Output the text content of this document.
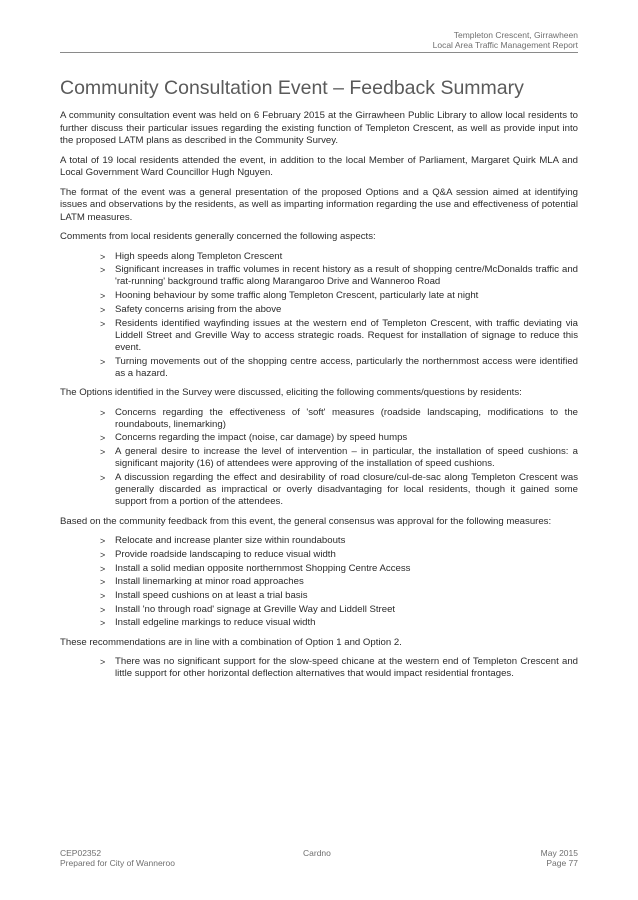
Templeton Crescent, Girrawheen
Local Area Traffic Management Report
Community Consultation Event – Feedback Summary

A community consultation event was held on 6 February 2015 at the Girrawheen Public Library to allow local residents to further discuss their particular issues regarding the existing function of Templeton Crescent, as well as provide input into the proposed LATM plans as described in the Community Survey.

A total of 19 local residents attended the event, in addition to the local Member of Parliament, Margaret Quirk MLA and Local Government Ward Councillor Hugh Nguyen.

The format of the event was a general presentation of the proposed Options and a Q&A session aimed at identifying issues and observations by the residents, as well as imparting information regarding the use and effectiveness of potential LATM measures.

Comments from local residents generally concerned the following aspects:

> High speeds along Templeton Crescent
> Significant increases in traffic volumes in recent history as a result of shopping centre/McDonalds traffic and 'rat-running' background traffic along Marangaroo Drive and Wanneroo Road
> Hooning behaviour by some traffic along Templeton Crescent, particularly late at night
> Safety concerns arising from the above
> Residents identified wayfinding issues at the western end of Templeton Crescent, with traffic deviating via Liddell Street and Greville Way to access strategic roads. Request for installation of signage to reduce this event.
> Turning movements out of the shopping centre access, particularly the northernmost access were identified as a hazard.

The Options identified in the Survey were discussed, eliciting the following comments/questions by residents:

> Concerns regarding the effectiveness of 'soft' measures (roadside landscaping, modifications to the roundabouts, linemarking)
> Concerns regarding the impact (noise, car damage) by speed humps
> A general desire to increase the level of intervention – in particular, the installation of speed cushions: a significant majority (16) of attendees were approving of the installation of speed cushions.
> A discussion regarding the effect and desirability of road closure/cul-de-sac along Templeton Crescent was generally discarded as impractical or overly disadvantaging for local residents, though it gained some support from a portion of the attendees.

Based on the community feedback from this event, the general consensus was approval for the following measures:

> Relocate and increase planter size within roundabouts
> Provide roadside landscaping to reduce visual width
> Install a solid median opposite northernmost Shopping Centre Access
> Install linemarking at minor road approaches
> Install speed cushions on at least a trial basis
> Install 'no through road' signage at Greville Way and Liddell Street
> Install edgeline markings to reduce visual width

These recommendations are in line with a combination of Option 1 and Option 2.

> There was no significant support for the slow-speed chicane at the western end of Templeton Crescent and little support for other horizontal deflection alternatives that would impact residential frontages.
CEP02352
Prepared for City of Wanneroo
Cardno	May 2015
Page 77
